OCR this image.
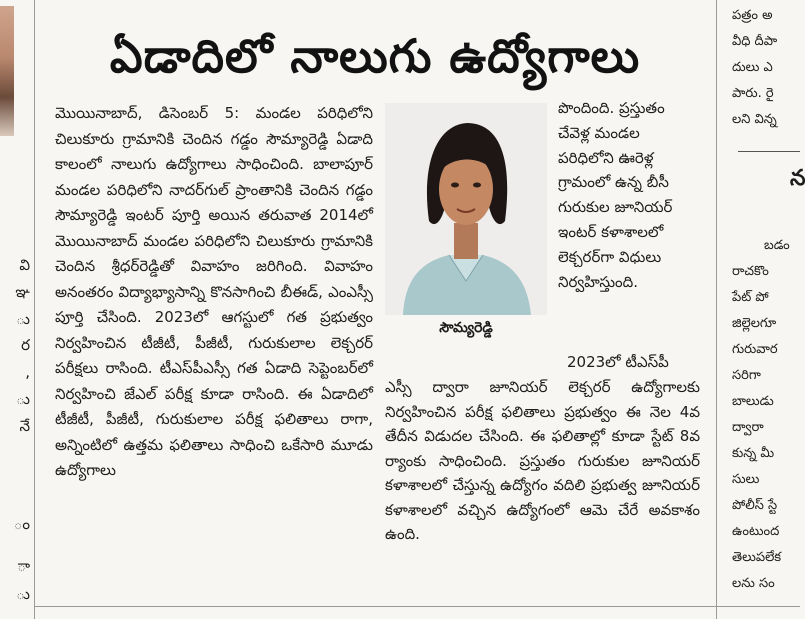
వి
ఞ
ు
ర
,
ు
నే
ం
ా
ు
ఏడాదిలో నాలుగు ఉద్యోగాలు

మొయినాబాద్‌, డిసెంబర్‌ 5: మండల పరిధిలోని చిలుకూరు గ్రామానికి చెందిన గడ్డం సౌమ్యారెడ్డి ఏడాది కాలంలో నాలుగు ఉద్యోగాలు సాధించింది. బాలాపూర్‌ మండల పరిధిలోని నాదర్‌గుల్‌ ప్రాంతానికి చెందిన గడ్డం సౌమ్యారెడ్డి ఇంటర్‌ పూర్తి అయిన తరువాత 2014లో మొయినాబాద్‌ మండల పరిధిలోని చిలుకూరు గ్రామానికి చెందిన శ్రీధర్‌రెడ్డితో వివాహం జరిగింది. వివాహం అనంతరం విద్యాభ్యాసాన్ని కొనసాగించి బీఈడ్‌, ఎంఎస్సీ పూర్తి చేసింది. 2023లో ఆగస్టులో గత ప్రభుత్వం నిర్వహించిన టీజీటీ, పీజీటీ, గురుకులాల లెక్చరర్‌ పరీక్షలు రాసింది. టీఎస్‌పీఎస్సీ గత ఏడాది సెప్టెంబర్‌లో నిర్వహించి జేఎల్‌ పరీక్ష కూడా రాసింది. ఈ ఏడాదిలో టీజీటీ, పీజీటీ, గురుకులాల పరీక్ష ఫలితాలు రాగా, అన్నింటిలో ఉత్తమ ఫలితాలు సాధించి ఒకేసారి మూడు ఉద్యోగాలు

సౌమ్యరెడ్డి
పొందింది. ప్రస్తుతం చేవెళ్ల మండల పరిధిలోని ఊరెళ్ల గ్రామంలో ఉన్న బీసీ గురుకుల జూనియర్‌ ఇంటర్‌ కళాశాలలో లెక్చరర్‌గా విధులు నిర్వహిస్తుంది.
2023లో టీఎస్‌పీ

ఎస్సీ ద్వారా జూనియర్‌ లెక్చరర్‌ ఉద్యోగాలకు నిర్వహించిన పరీక్ష ఫలితాలు ప్రభుత్వం ఈ నెల 4వ తేదీన విడుదల చేసింది. ఈ ఫలితాల్లో కూడా స్టేట్‌ 8వ ర్యాంకు సాధించింది. ప్రస్తుతం గురుకుల జూనియర్‌ కళాశాలలో చేస్తున్న ఉద్యోగం వదిలి ప్రభుత్వ జూనియర్‌ కళాశాలలో వచ్చిన ఉద్యోగంలో ఆమె చేరే అవకాశం ఉంది.

పత్రం అ
వీధి దీపా
దులు ఎ
పారు. రై
లని విన్న
బడం
రాచకొం
పేట్‌ పో
జిల్లెలగూ
గురువార
సరిగా
బాలుడు
ద్వారా
కున్న మీ
సులు
పోలీస్‌ స్టే
ఉంటుంద
తెలుపలేక
లను సం
న
